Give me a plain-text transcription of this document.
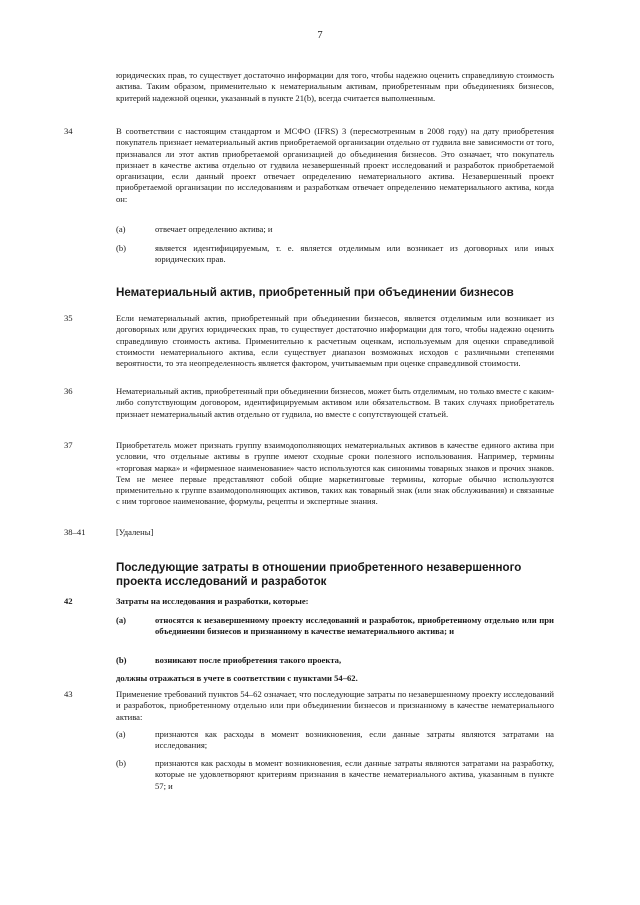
7

юридических прав, то существует достаточно информации для того, чтобы надежно оценить справедливую стоимость актива. Таким образом, применительно к нематериальным активам, приобретенным при объединениях бизнесов, критерий надежной оценки, указанный в пункте 21(b), всегда считается выполненным.

34	В соответствии с настоящим стандартом и МСФО (IFRS) 3 (пересмотренным в 2008 году) на дату приобретения покупатель признает нематериальный актив приобретаемой организации отдельно от гудвила вне зависимости от того, признавался ли этот актив приобретаемой организацией до объединения бизнесов. Это означает, что покупатель признает в качестве актива отдельно от гудвила незавершенный проект исследований и разработок приобретаемой организации, если данный проект отвечает определению нематериального актива. Незавершенный проект приобретаемой организации по исследованиям и разработкам отвечает определению нематериального актива, когда он:

(a)	отвечает определению актива; и

(b)	является идентифицируемым, т. е. является отделимым или возникает из договорных или иных юридических прав.

Нематериальный актив, приобретенный при объединении бизнесов
35	Если нематериальный актив, приобретенный при объединении бизнесов, является отделимым или возникает из договорных или других юридических прав, то существует достаточно информации для того, чтобы надежно оценить справедливую стоимость актива. Применительно к расчетным оценкам, используемым для оценки справедливой стоимости нематериального актива, если существует диапазон возможных исходов с различными степенями вероятности, то эта неопределенность является фактором, учитываемым при оценке справедливой стоимости.

36	Нематериальный актив, приобретенный при объединении бизнесов, может быть отделимым, но только вместе с каким-либо сопутствующим договором, идентифицируемым активом или обязательством. В таких случаях приобретатель признает нематериальный актив отдельно от гудвила, но вместе с сопутствующей статьей.

37	Приобретатель может признать группу взаимодополняющих нематериальных активов в качестве единого актива при условии, что отдельные активы в группе имеют сходные сроки полезного использования. Например, термины «торговая марка» и «фирменное наименование» часто используются как синонимы товарных знаков и прочих знаков. Тем не менее первые представляют собой общие маркетинговые термины, которые обычно используются применительно к группе взаимодополняющих активов, таких как товарный знак (или знак обслуживания) и связанные с ним торговое наименование, формулы, рецепты и экспертные знания.

38–41	[Удалены]

Последующие затраты в отношении приобретенного незавершенного проекта исследований и разработок
42	Затраты на исследования и разработки, которые:

(a)	относятся к незавершенному проекту исследований и разработок, приобретенному отдельно или при объединении бизнесов и признанному в качестве нематериального актива; и

(b)	возникают после приобретения такого проекта,

должны отражаться в учете в соответствии с пунктами 54–62.

43	Применение требований пунктов 54–62 означает, что последующие затраты по незавершенному проекту исследований и разработок, приобретенному отдельно или при объединении бизнесов и признанному в качестве нематериального актива:

(a)	признаются как расходы в момент возникновения, если данные затраты являются затратами на исследования;

(b)	признаются как расходы в момент возникновения, если данные затраты являются затратами на разработку, которые не удовлетворяют критериям признания в качестве нематериального актива, указанным в пункте 57; и
